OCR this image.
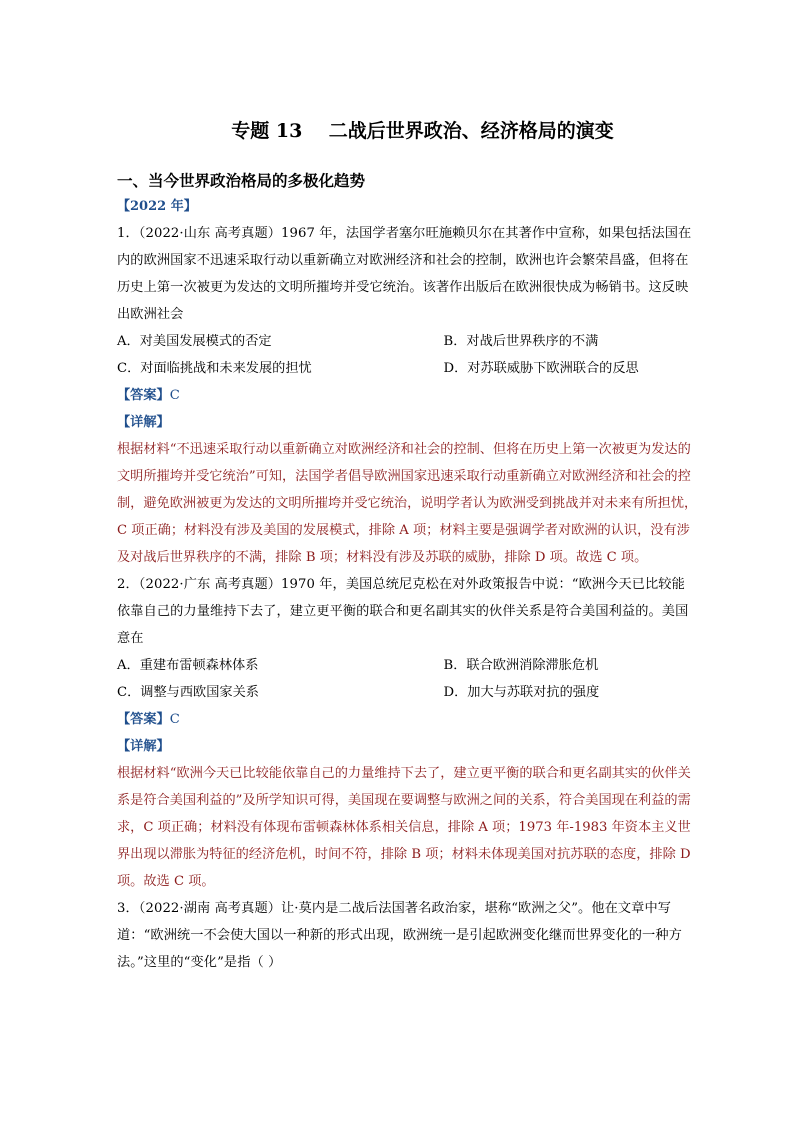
专题 13    二战后世界政治、经济格局的演变
一、当今世界政治格局的多极化趋势
【2022 年】
1．（2022·山东 高考真题）1967 年，法国学者塞尔旺施赖贝尔在其著作中宣称，如果包括法国在内的欧洲国家不迅速采取行动以重新确立对欧洲经济和社会的控制，欧洲也许会繁荣昌盛，但将在历史上第一次被更为发达的文明所摧垮并受它统治。该著作出版后在欧洲很快成为畅销书。这反映出欧洲社会
A．对美国发展模式的否定	B．对战后世界秩序的不满
C．对面临挑战和未来发展的担忧	D．对苏联威胁下欧洲联合的反思
【答案】C
【详解】
根据材料“不迅速采取行动以重新确立对欧洲经济和社会的控制、但将在历史上第一次被更为发达的文明所摧垮并受它统治”可知，法国学者倡导欧洲国家迅速采取行动重新确立对欧洲经济和社会的控制，避免欧洲被更为发达的文明所摧垮并受它统治，说明学者认为欧洲受到挑战并对未来有所担忧，C 项正确；材料没有涉及美国的发展模式，排除 A 项；材料主要是强调学者对欧洲的认识，没有涉及对战后世界秩序的不满，排除 B 项；材料没有涉及苏联的威胁，排除 D 项。故选 C 项。
2．（2022·广东 高考真题）1970 年，美国总统尼克松在对外政策报告中说：“欧洲今天已比较能依靠自己的力量维持下去了，建立更平衡的联合和更名副其实的伙伴关系是符合美国利益的。美国意在
A．重建布雷顿森林体系	B．联合欧洲消除滞胀危机
C．调整与西欧国家关系	D．加大与苏联对抗的强度
【答案】C
【详解】
根据材料“欧洲今天已比较能依靠自己的力量维持下去了，建立更平衡的联合和更名副其实的伙伴关系是符合美国利益的”及所学知识可得，美国现在要调整与欧洲之间的关系，符合美国现在利益的需求，C 项正确；材料没有体现布雷顿森林体系相关信息，排除 A 项；1973 年-1983 年资本主义世界出现以滞胀为特征的经济危机，时间不符，排除 B 项；材料未体现美国对抗苏联的态度，排除 D 项。故选 C 项。
3．（2022·湖南 高考真题）让·莫内是二战后法国著名政治家，堪称“欧洲之父”。他在文章中写道：“欧洲统一不会使大国以一种新的形式出现，欧洲统一是引起欧洲变化继而世界变化的一种方法。”这里的“变化”是指（ ）
